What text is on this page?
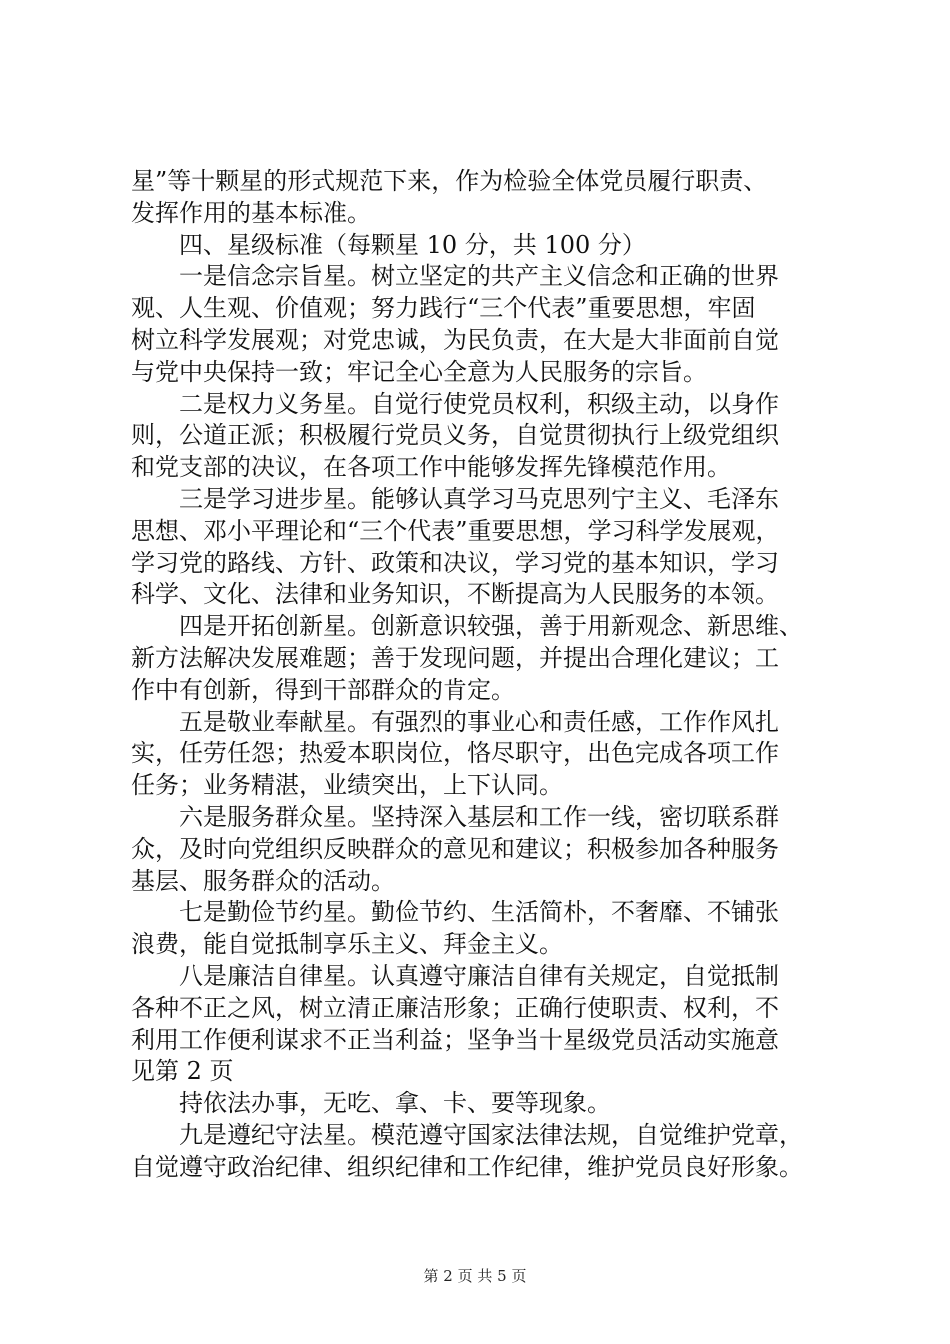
星”等十颗星的形式规范下来，作为检验全体党员履行职责、
发挥作用的基本标准。
四、星级标准（每颗星 10 分，共 100 分）
一是信念宗旨星。树立坚定的共产主义信念和正确的世界
观、人生观、价值观；努力践行“三个代表”重要思想，牢固
树立科学发展观；对党忠诚，为民负责，在大是大非面前自觉
与党中央保持一致；牢记全心全意为人民服务的宗旨。
二是权力义务星。自觉行使党员权利，积级主动，以身作
则，公道正派；积极履行党员义务，自觉贯彻执行上级党组织
和党支部的决议，在各项工作中能够发挥先锋模范作用。
三是学习进步星。能够认真学习马克思列宁主义、毛泽东
思想、邓小平理论和“三个代表”重要思想，学习科学发展观，
学习党的路线、方针、政策和决议，学习党的基本知识，学习
科学、文化、法律和业务知识，不断提高为人民服务的本领。
四是开拓创新星。创新意识较强，善于用新观念、新思维、
新方法解决发展难题；善于发现问题，并提出合理化建议；工
作中有创新，得到干部群众的肯定。
五是敬业奉献星。有强烈的事业心和责任感，工作作风扎
实，任劳任怨；热爱本职岗位，恪尽职守，出色完成各项工作
任务；业务精湛，业绩突出，上下认同。
六是服务群众星。坚持深入基层和工作一线，密切联系群
众，及时向党组织反映群众的意见和建议；积极参加各种服务
基层、服务群众的活动。
七是勤俭节约星。勤俭节约、生活简朴，不奢靡、不铺张
浪费，能自觉抵制享乐主义、拜金主义。
八是廉洁自律星。认真遵守廉洁自律有关规定，自觉抵制
各种不正之风，树立清正廉洁形象；正确行使职责、权利，不
利用工作便利谋求不正当利益；坚争当十星级党员活动实施意
见第 2 页
持依法办事，无吃、拿、卡、要等现象。
九是遵纪守法星。模范遵守国家法律法规，自觉维护党章，
自觉遵守政治纪律、组织纪律和工作纪律，维护党员良好形象。
第 2 页 共 5 页
